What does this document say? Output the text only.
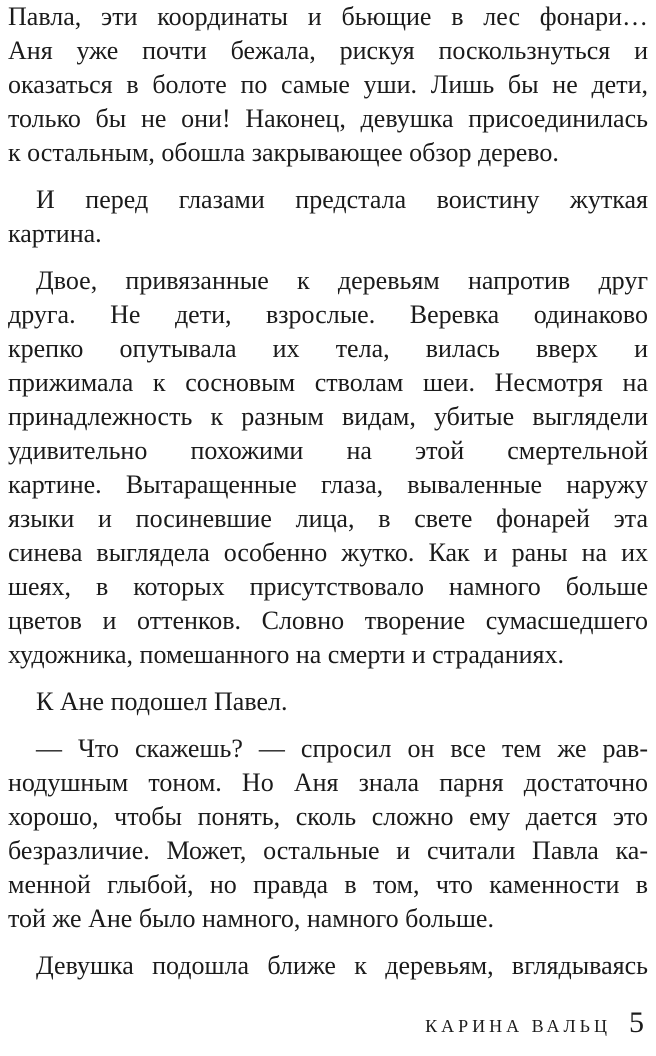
Павла, эти координаты и бьющие в лес фонари…
Аня уже почти бежала, рискуя поскользнуться и
оказаться в болоте по самые уши. Лишь бы не дети,
только бы не они! Наконец, девушка присоединилась
к остальным, обошла закрывающее обзор дерево.
И перед глазами предстала воистину жуткая
картина.
Двое, привязанные к деревьям напротив друг
друга. Не дети, взрослые. Веревка одинаково
крепко опутывала их тела, вилась вверх и
прижимала к сосновым стволам шеи. Несмотря на
принадлежность к разным видам, убитые выглядели
удивительно похожими на этой смертельной
картине. Вытаращенные глаза, вываленные наружу
языки и посиневшие лица, в свете фонарей эта
синева выглядела особенно жутко. Как и раны на их
шеях, в которых присутствовало намного больше
цветов и оттенков. Словно творение сумасшедшего
художника, помешанного на смерти и страданиях.
К Ане подошел Павел.
— Что скажешь? — спросил он все тем же рав-
нодушным тоном. Но Аня знала парня достаточно
хорошо, чтобы понять, сколь сложно ему дается это
безразличие. Может, остальные и считали Павла ка-
менной глыбой, но правда в том, что каменности в
той же Ане было намного, намного больше.
Девушка подошла ближе к деревьям, вглядываясь
КАРИНА ВАЛЬЦ 5
